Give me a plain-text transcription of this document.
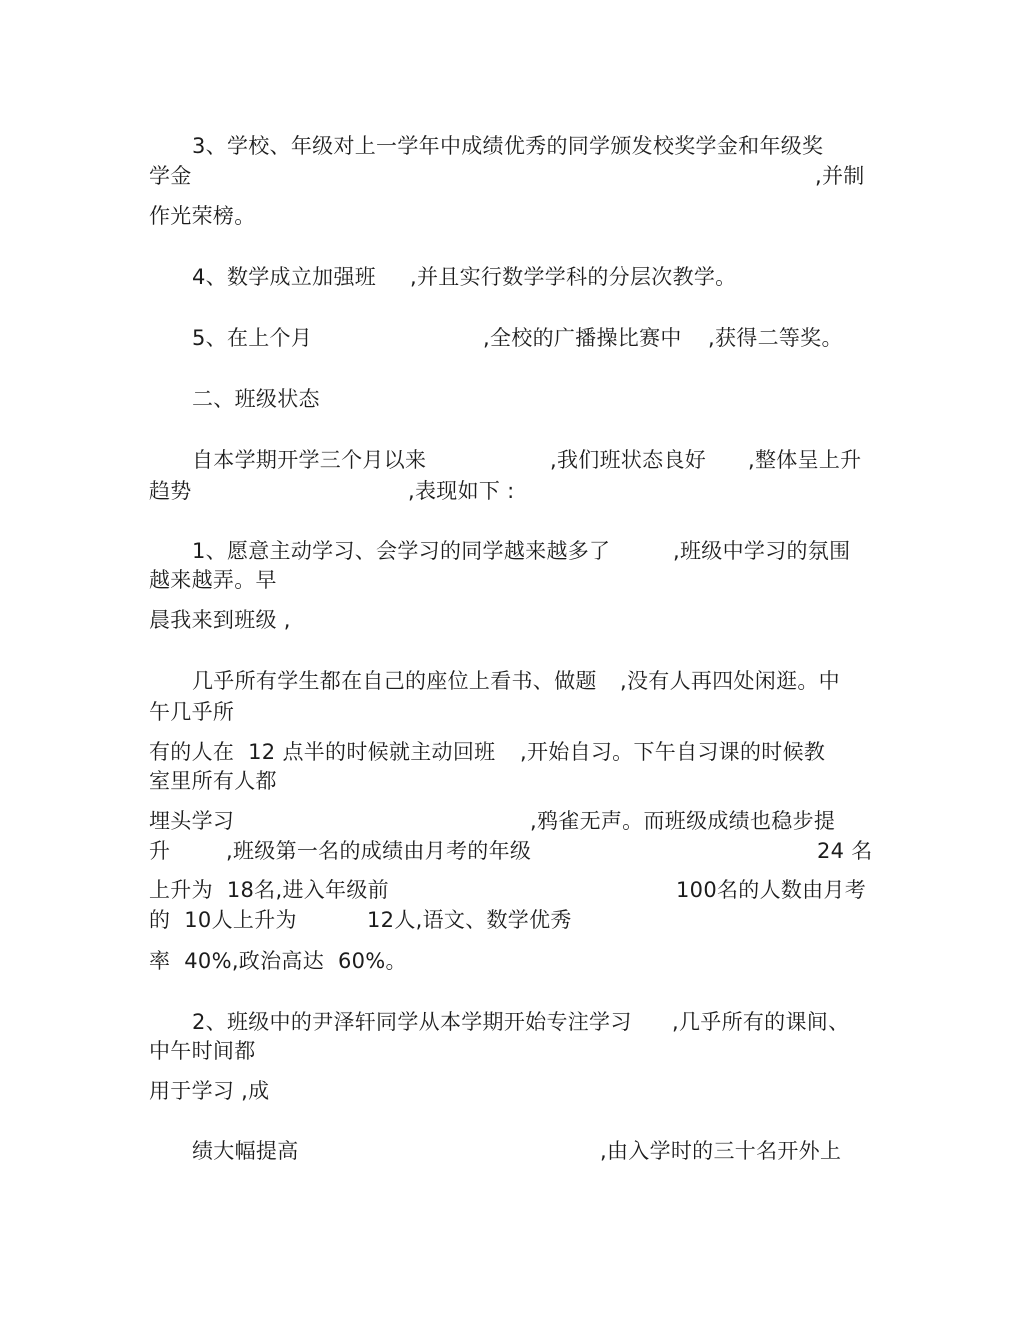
3、学校、年级对上一学年中成绩优秀的同学颁发校奖学金和年级奖
学金	,并制
作光荣榜。
4、数学成立加强班 ,并且实行数学学科的分层次教学。
5、在上个月	,全校的广播操比赛中 ,获得二等奖。
二、班级状态
自本学期开学三个月以来	,我们班状态良好 ,整体呈上升
趋势	,表现如下 :
1、愿意主动学习、会学习的同学越来越多了	,班级中学习的氛围
越来越弄。早
晨我来到班级 ,
几乎所有学生都在自己的座位上看书、做题 ,没有人再四处闲逛。中
午几乎所
有的人在  12 点半的时候就主动回班 ,开始自习。下午自习课的时候教
室里所有人都
埋头学习	,鸦雀无声。而班级成绩也稳步提
升	,班级第一名的成绩由月考的年级	24 名
上升为  18名,进入年级前	100名的人数由月考
的  10人上升为	12人,语文、数学优秀
率  40%,政治高达  60%。
2、班级中的尹泽轩同学从本学期开始专注学习 ,几乎所有的课间、
中午时间都
用于学习 ,成
绩大幅提高	,由入学时的三十名开外上
